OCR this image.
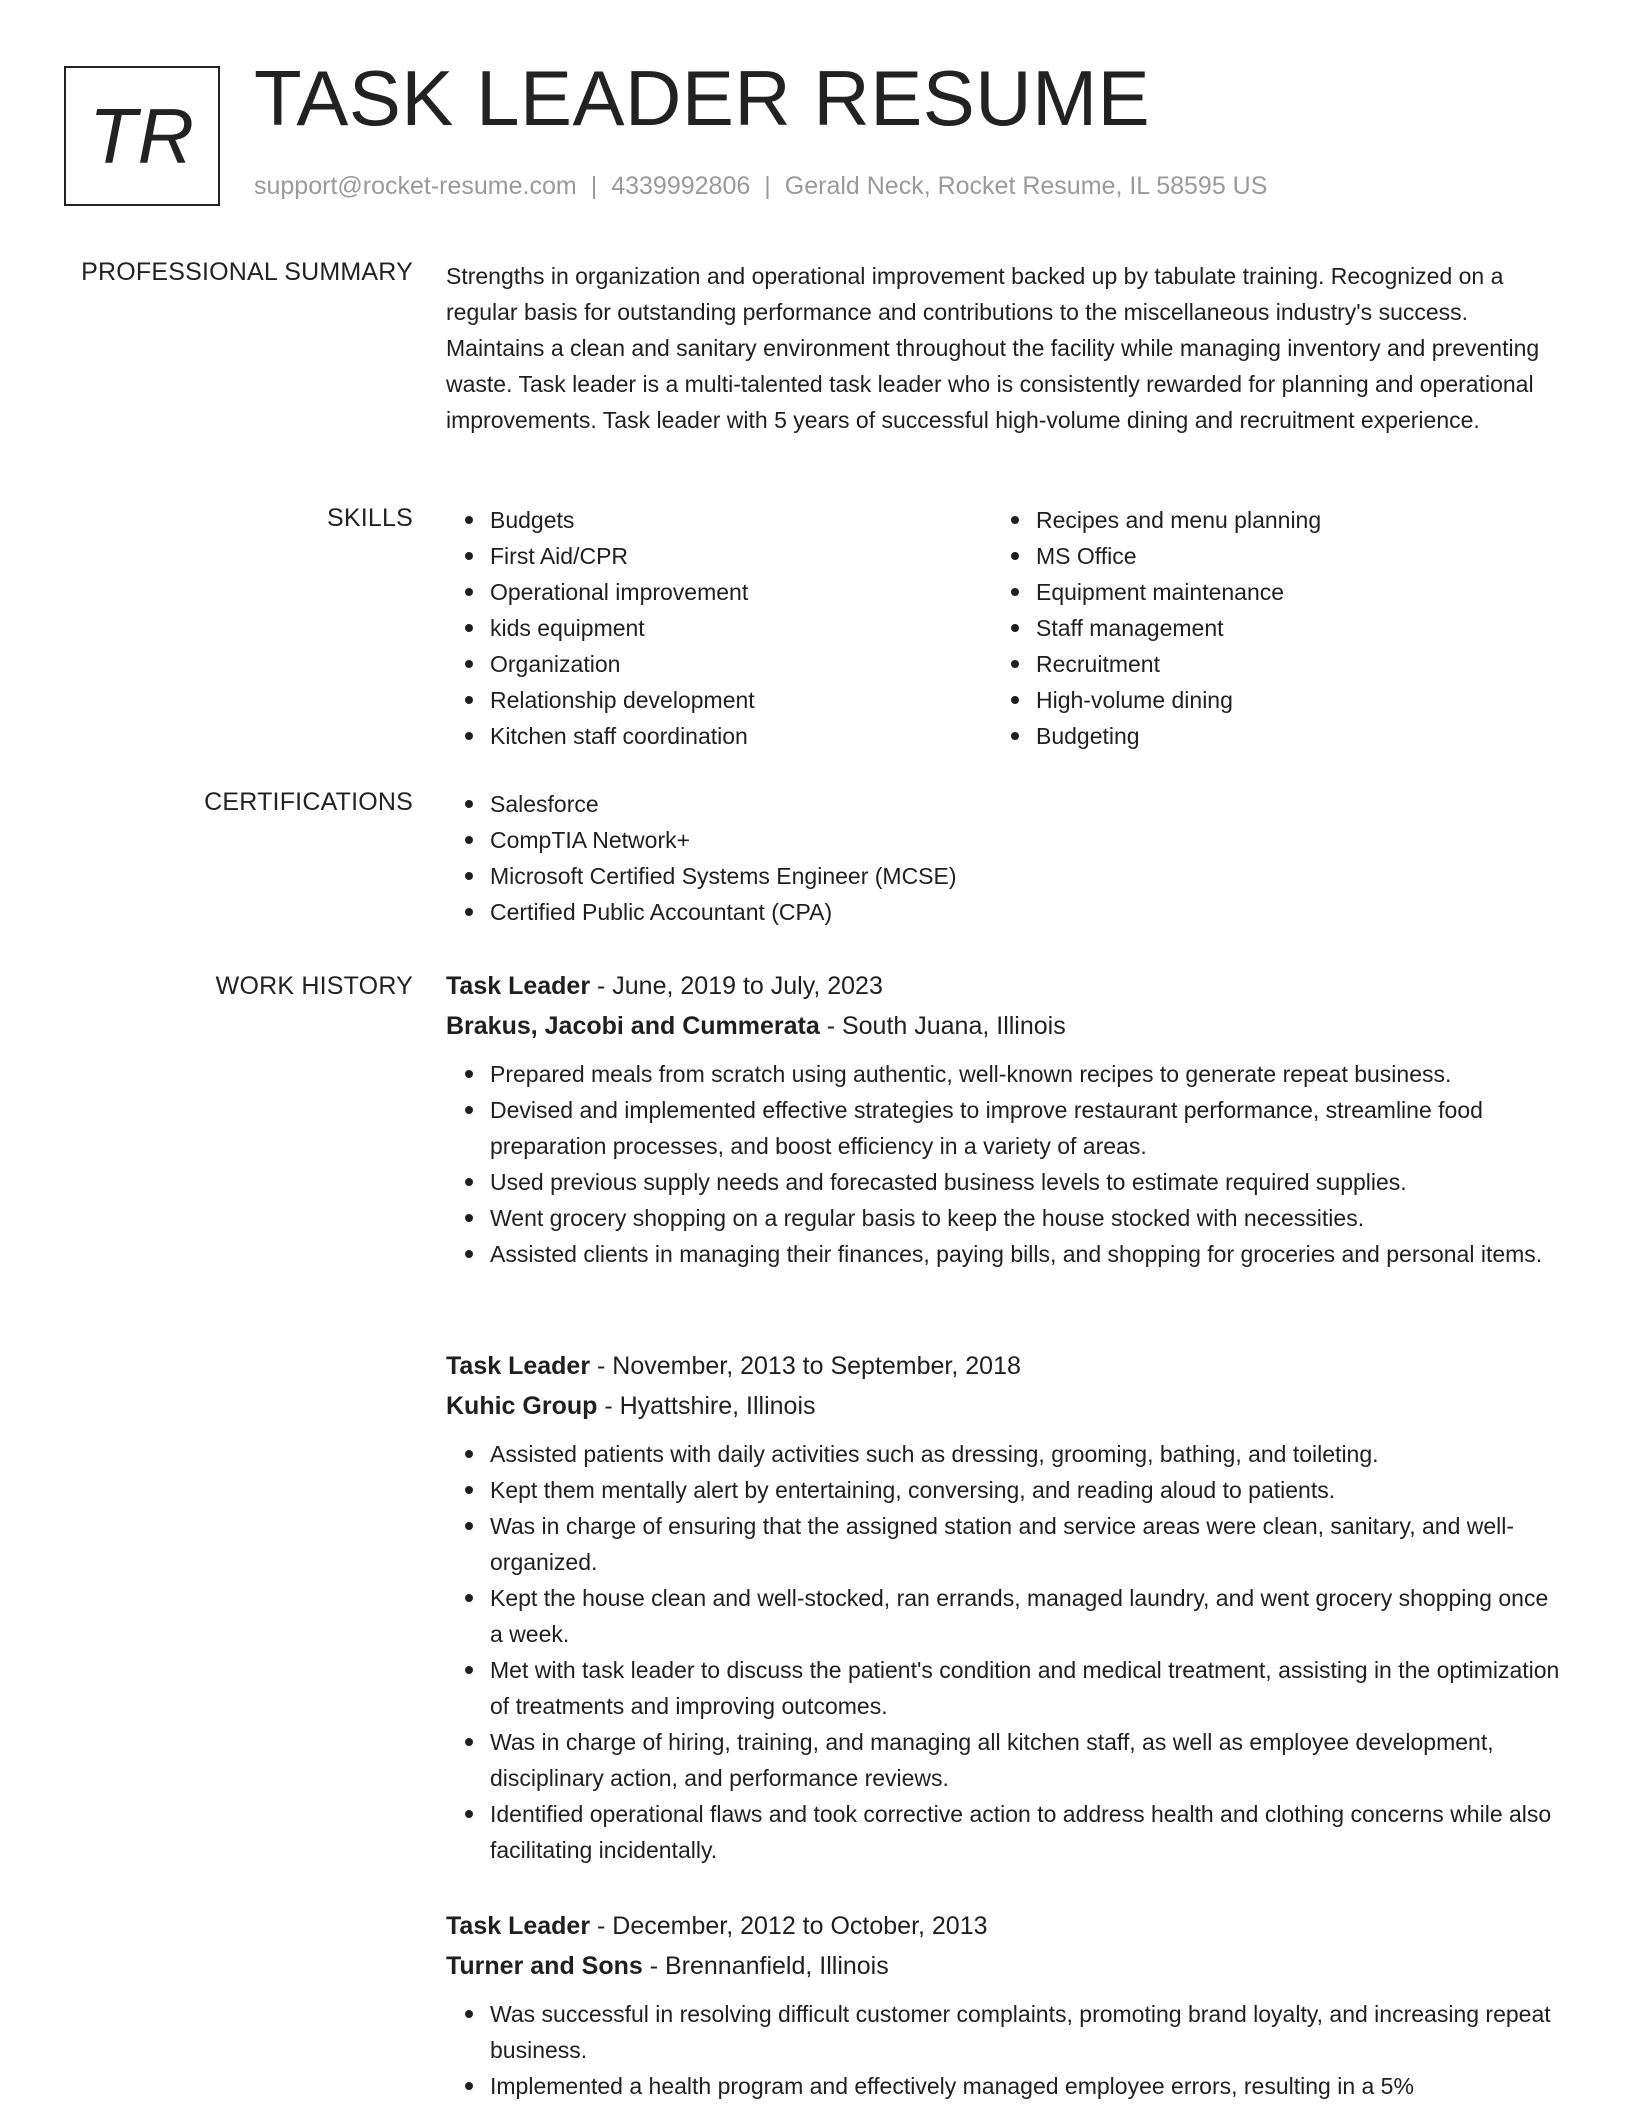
TR TASK LEADER RESUME
support@rocket-resume.com | 4339992806 | Gerald Neck, Rocket Resume, IL 58595 US
PROFESSIONAL SUMMARY Strengths in organization and operational improvement backed up by tabulate training. Recognized on a regular basis for outstanding performance and contributions to the miscellaneous industry's success. Maintains a clean and sanitary environment throughout the facility while managing inventory and preventing waste. Task leader is a multi-talented task leader who is consistently rewarded for planning and operational improvements. Task leader with 5 years of successful high-volume dining and recruitment experience.

SKILLS	Budgets
First Aid/CPR
Operational improvement
kids equipment
Organization
Relationship development
Kitchen staff coordination
Recipes and menu planning
MS Office
Equipment maintenance
Staff management
Recruitment
High-volume dining
Budgeting
CERTIFICATIONS	Salesforce
CompTIA Network+
Microsoft Certified Systems Engineer (MCSE)
Certified Public Accountant (CPA)
WORK HISTORY Task Leader - June, 2019 to July, 2023
Brakus, Jacobi and Cummerata - South Juana, Illinois
Prepared meals from scratch using authentic, well-known recipes to generate repeat business.
Devised and implemented effective strategies to improve restaurant performance, streamline food preparation processes, and boost efficiency in a variety of areas.
Used previous supply needs and forecasted business levels to estimate required supplies.
Went grocery shopping on a regular basis to keep the house stocked with necessities.
Assisted clients in managing their finances, paying bills, and shopping for groceries and personal items.
Task Leader - November, 2013 to September, 2018
Kuhic Group - Hyattshire, Illinois
Assisted patients with daily activities such as dressing, grooming, bathing, and toileting.
Kept them mentally alert by entertaining, conversing, and reading aloud to patients.
Was in charge of ensuring that the assigned station and service areas were clean, sanitary, and well-organized.
Kept the house clean and well-stocked, ran errands, managed laundry, and went grocery shopping once a week.
Met with task leader to discuss the patient's condition and medical treatment, assisting in the optimization of treatments and improving outcomes.
Was in charge of hiring, training, and managing all kitchen staff, as well as employee development, disciplinary action, and performance reviews.
Identified operational flaws and took corrective action to address health and clothing concerns while also facilitating incidentally.
Task Leader - December, 2012 to October, 2013
Turner and Sons - Brennanfield, Illinois
Was successful in resolving difficult customer complaints, promoting brand loyalty, and increasing repeat business.
Implemented a health program and effectively managed employee errors, resulting in a 5%
